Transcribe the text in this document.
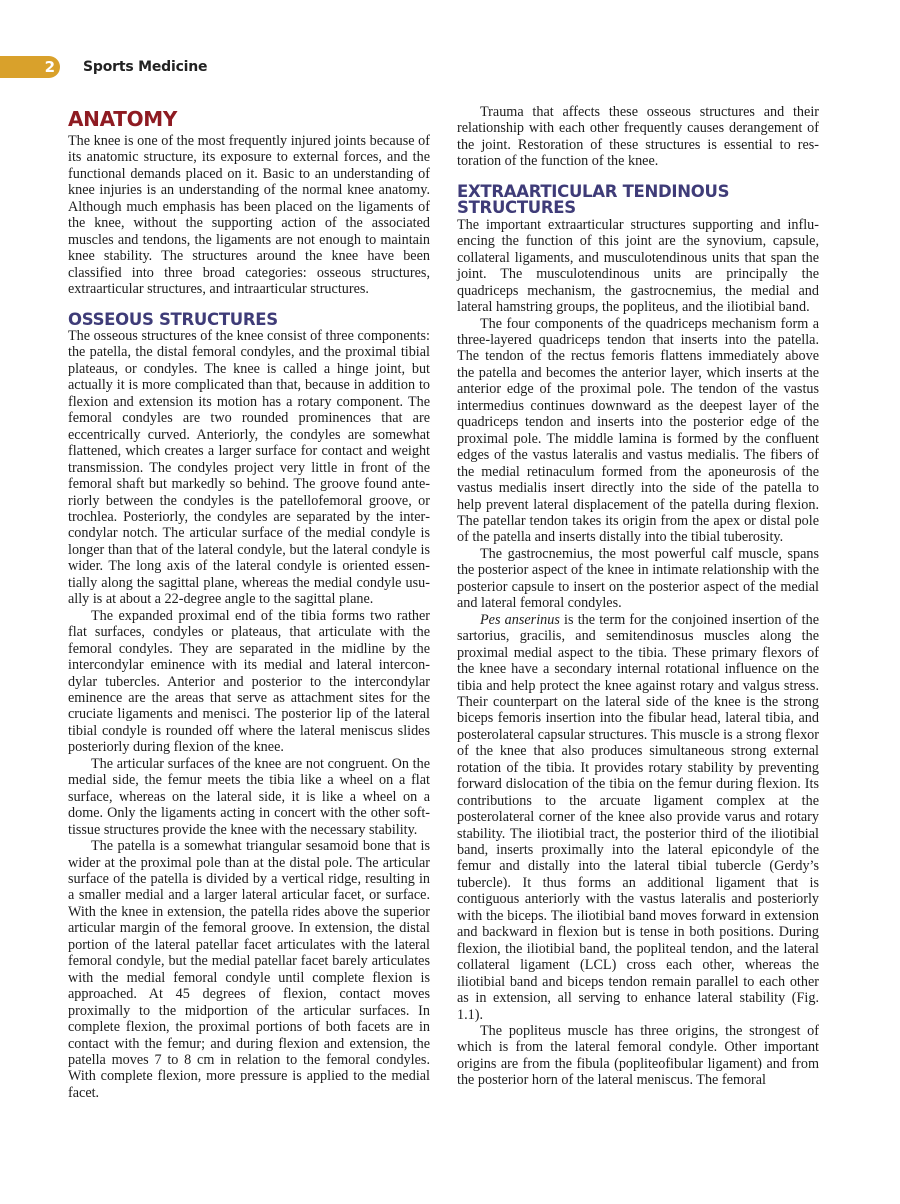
2	Sports Medicine
ANATOMY

The knee is one of the most frequently injured joints because of its anatomic structure, its exposure to external forces, and the functional demands placed on it. Basic to an understanding of knee injuries is an understanding of the normal knee anatomy. Although much emphasis has been placed on the ligaments of the knee, without the supporting action of the associated muscles and tendons, the ligaments are not enough to maintain knee stability. The structures around the knee have been classified into three broad categories: osseous structures, extraarticular structures, and intraarticular structures.

OSSEOUS STRUCTURES

The osseous structures of the knee consist of three components: the patella, the distal femoral condyles, and the proximal tibial plateaus, or condyles. The knee is called a hinge joint, but actually it is more complicated than that, because in addition to flexion and extension its motion has a rotary component. The femoral condyles are two rounded prominences that are eccentrically curved. Anteriorly, the condyles are somewhat flattened, which creates a larger surface for contact and weight transmission. The condyles project very little in front of the femoral shaft but markedly so behind. The groove found anteriorly between the condyles is the patellofemoral groove, or trochlea. Posteriorly, the condyles are separated by the intercondylar notch. The articular surface of the medial condyle is longer than that of the lateral condyle, but the lateral condyle is wider. The long axis of the lateral condyle is oriented essentially along the sagittal plane, whereas the medial condyle usually is at about a 22-degree angle to the sagittal plane.

The expanded proximal end of the tibia forms two rather flat surfaces, condyles or plateaus, that articulate with the femoral condyles. They are separated in the midline by the intercondylar eminence with its medial and lateral intercondylar tubercles. Anterior and posterior to the intercondylar eminence are the areas that serve as attachment sites for the cruciate ligaments and menisci. The posterior lip of the lateral tibial condyle is rounded off where the lateral meniscus slides posteriorly during flexion of the knee.

The articular surfaces of the knee are not congruent. On the medial side, the femur meets the tibia like a wheel on a flat surface, whereas on the lateral side, it is like a wheel on a dome. Only the ligaments acting in concert with the other soft-tissue structures provide the knee with the necessary stability.

The patella is a somewhat triangular sesamoid bone that is wider at the proximal pole than at the distal pole. The articular surface of the patella is divided by a vertical ridge, resulting in a smaller medial and a larger lateral articular facet, or surface. With the knee in extension, the patella rides above the superior articular margin of the femoral groove. In extension, the distal portion of the lateral patellar facet articulates with the lateral femoral condyle, but the medial patellar facet barely articulates with the medial femoral condyle until complete flexion is approached. At 45 degrees of flexion, contact moves proximally to the midportion of the articular surfaces. In complete flexion, the proximal portions of both facets are in contact with the femur; and during flexion and extension, the patella moves 7 to 8 cm in relation to the femoral condyles. With complete flexion, more pressure is applied to the medial facet.

Trauma that affects these osseous structures and their relationship with each other frequently causes derangement of the joint. Restoration of these structures is essential to restoration of the function of the knee.

EXTRAARTICULAR TENDINOUS
STRUCTURES

The important extraarticular structures supporting and influencing the function of this joint are the synovium, capsule, collateral ligaments, and musculotendinous units that span the joint. The musculotendinous units are principally the quadriceps mechanism, the gastrocnemius, the medial and lateral hamstring groups, the popliteus, and the iliotibial band.

The four components of the quadriceps mechanism form a three-layered quadriceps tendon that inserts into the patella. The tendon of the rectus femoris flattens immediately above the patella and becomes the anterior layer, which inserts at the anterior edge of the proximal pole. The tendon of the vastus intermedius continues downward as the deepest layer of the quadriceps tendon and inserts into the posterior edge of the proximal pole. The middle lamina is formed by the confluent edges of the vastus lateralis and vastus medialis. The fibers of the medial retinaculum formed from the aponeurosis of the vastus medialis insert directly into the side of the patella to help prevent lateral displacement of the patella during flexion. The patellar tendon takes its origin from the apex or distal pole of the patella and inserts distally into the tibial tuberosity.

The gastrocnemius, the most powerful calf muscle, spans the posterior aspect of the knee in intimate relationship with the posterior capsule to insert on the posterior aspect of the medial and lateral femoral condyles.

Pes anserinus is the term for the conjoined insertion of the sartorius, gracilis, and semitendinosus muscles along the proximal medial aspect to the tibia. These primary flexors of the knee have a secondary internal rotational influence on the tibia and help protect the knee against rotary and valgus stress. Their counterpart on the lateral side of the knee is the strong biceps femoris insertion into the fibular head, lateral tibia, and posterolateral capsular structures. This muscle is a strong flexor of the knee that also produces simultaneous strong external rotation of the tibia. It provides rotary stability by preventing forward dislocation of the tibia on the femur during flexion. Its contributions to the arcuate ligament complex at the posterolateral corner of the knee also provide varus and rotary stability. The iliotibial tract, the posterior third of the iliotibial band, inserts proximally into the lateral epicondyle of the femur and distally into the lateral tibial tubercle (Gerdy’s tubercle). It thus forms an additional ligament that is contiguous anteriorly with the vastus lateralis and posteriorly with the biceps. The iliotibial band moves forward in extension and backward in flexion but is tense in both positions. During flexion, the iliotibial band, the popliteal tendon, and the lateral collateral ligament (LCL) cross each other, whereas the iliotibial band and biceps tendon remain parallel to each other as in extension, all serving to enhance lateral stability (Fig. 1.1).

The popliteus muscle has three origins, the strongest of which is from the lateral femoral condyle. Other important origins are from the fibula (popliteofibular ligament) and from the posterior horn of the lateral meniscus. The femoral
